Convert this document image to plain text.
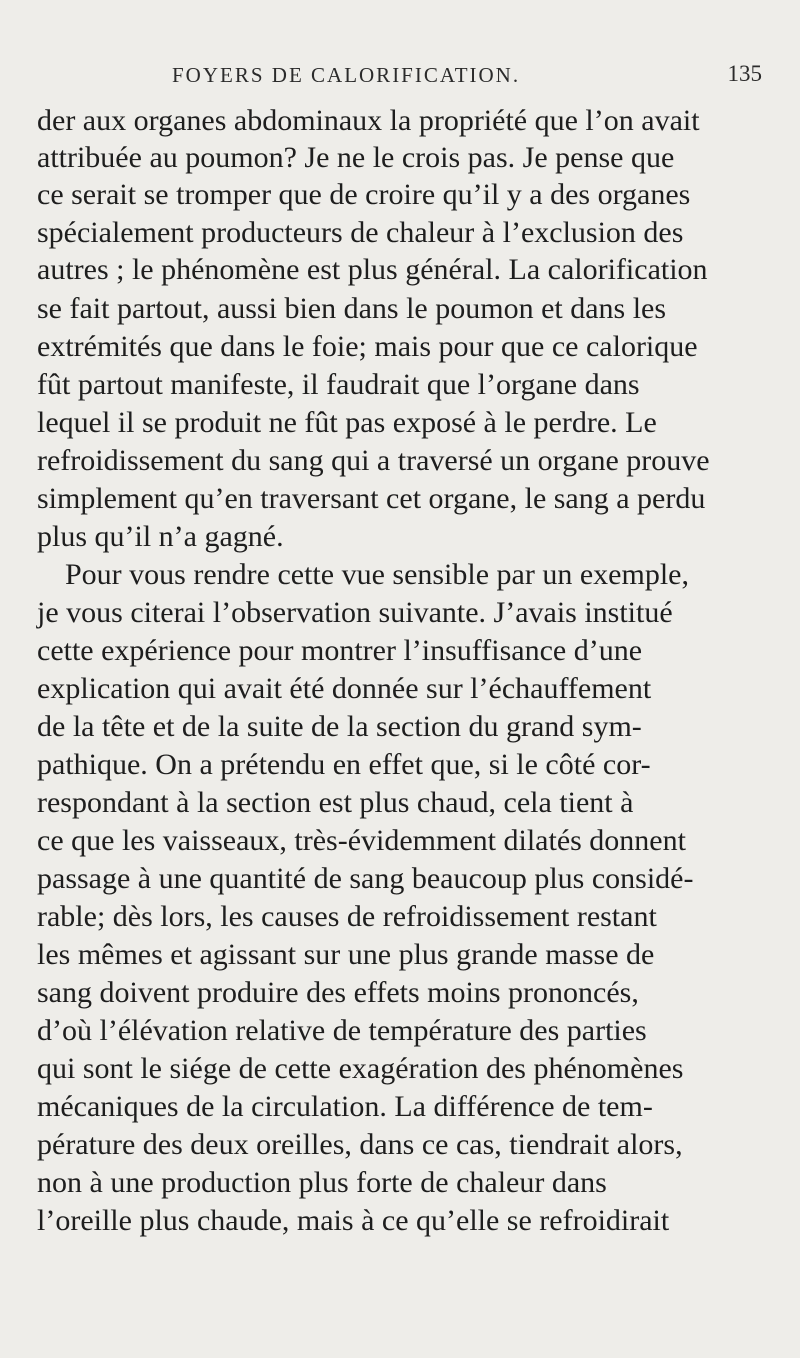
FOYERS DE CALORIFICATION.	135
der aux organes abdominaux la propriété que l’on avait
attribuée au poumon? Je ne le crois pas. Je pense que
ce serait se tromper que de croire qu’il y a des organes
spécialement producteurs de chaleur à l’exclusion des
autres ; le phénomène est plus général. La calorification
se fait partout, aussi bien dans le poumon et dans les
extrémités que dans le foie; mais pour que ce calorique
fût partout manifeste, il faudrait que l’organe dans
lequel il se produit ne fût pas exposé à le perdre. Le
refroidissement du sang qui a traversé un organe prouve
simplement qu’en traversant cet organe, le sang a perdu
plus qu’il n’a gagné.
Pour vous rendre cette vue sensible par un exemple,
je vous citerai l’observation suivante. J’avais institué
cette expérience pour montrer l’insuffisance d’une
explication qui avait été donnée sur l’échauffement
de la tête et de la suite de la section du grand sym-
pathique. On a prétendu en effet que, si le côté cor-
respondant à la section est plus chaud, cela tient à
ce que les vaisseaux, très-évidemment dilatés donnent
passage à une quantité de sang beaucoup plus considé-
rable; dès lors, les causes de refroidissement restant
les mêmes et agissant sur une plus grande masse de
sang doivent produire des effets moins prononcés,
d’où l’élévation relative de température des parties
qui sont le siége de cette exagération des phénomènes
mécaniques de la circulation. La différence de tem-
pérature des deux oreilles, dans ce cas, tiendrait alors,
non à une production plus forte de chaleur dans
l’oreille plus chaude, mais à ce qu’elle se refroidirait
